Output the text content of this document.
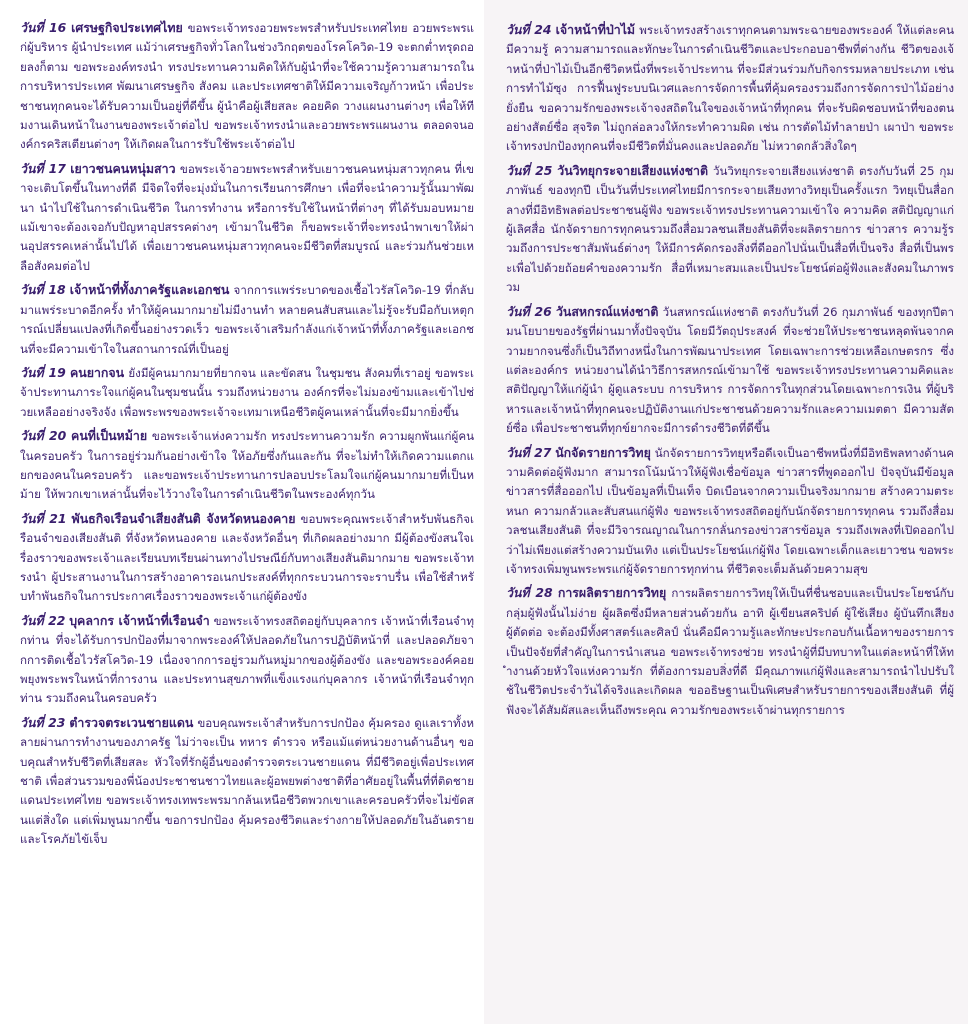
วันที่ 16 เศรษฐกิจประเทศไทย ขอพระเจ้าทรงอวยพระพรสำหรับประเทศไทย อวยพระพรแก่ผู้บริหาร ผู้นำประเทศ แม้ว่าเศรษฐกิจทั่วโลกในช่วงวิกฤตของโรคโควิด-19 จะตกต่ำทรุดถอยลงก็ตาม ขอพระองค์ทรงนำ ทรงประทานความคิดให้กับผู้นำที่จะใช้ความรู้ความสามารถในการบริหารประเทศ พัฒนาเศรษฐกิจ สังคม และประเทศชาติให้มีความเจริญก้าวหน้า เพื่อประชาชนทุกคนจะได้รับความเป็นอยู่ที่ดีขึ้น ผู้นำคือผู้เสียสละ คอยคิด วางแผนงานต่างๆ เพื่อให้ทีมงานเดินหน้าในงานของพระเจ้าต่อไป ขอพระเจ้าทรงนำและอวยพระพรแผนงาน ตลอดจนองค์กรคริสเตียนต่างๆ ให้เกิดผลในการรับใช้พระเจ้าต่อไป

วันที่ 17 เยาวชนคนหนุ่มสาว ขอพระเจ้าอวยพระพรสำหรับเยาวชนคนหนุ่มสาวทุกคน ที่เขาจะเติบโตขึ้นในทางที่ดี มีจิตใจที่จะมุ่งมั่นในการเรียนการศึกษา เพื่อที่จะนำความรู้นั้นมาพัฒนา นำไปใช้ในการดำเนินชีวิต ในการทำงาน หรือการรับใช้ในหน้าที่ต่างๆ ที่ได้รับมอบหมาย แม้เขาจะต้องเจอกับปัญหาอุปสรรคต่างๆ เข้ามาในชีวิต ก็ขอพระเจ้าที่จะทรงนำพาเขาให้ผ่านอุปสรรคเหล่านั้นไปได้ เพื่อเยาวชนคนหนุ่มสาวทุกคนจะมีชีวิตที่สมบูรณ์ และร่วมกันช่วยเหลือสังคมต่อไป

วันที่ 18 เจ้าหน้าที่ทั้งภาครัฐและเอกชน จากการแพร่ระบาดของเชื้อไวรัสโควิด-19 ที่กลับมาแพร่ระบาดอีกครั้ง ทำให้ผู้คนมากมายไม่มีงานทำ หลายคนสับสนและไม่รู้จะรับมือกับเหตุการณ์เปลี่ยนแปลงที่เกิดขึ้นอย่างรวดเร็ว ขอพระเจ้าเสริมกำลังแก่เจ้าหน้าที่ทั้งภาครัฐและเอกชนที่จะมีความเข้าใจในสถานการณ์ที่เป็นอยู่

วันที่ 19 คนยากจน ยังมีผู้คนมากมายที่ยากจน และขัดสน ในชุมชน สังคมที่เราอยู่ ขอพระเจ้าประทานภาระใจแก่ผู้คนในชุมชนนั้น รวมถึงหน่วยงาน องค์กรที่จะไม่มองข้ามและเข้าไปช่วยเหลืออย่างจริงจัง เพื่อพระพรของพระเจ้าจะเทมาเหนือชีวิตผู้คนเหล่านั้นที่จะมีมากยิ่งขึ้น

วันที่ 20 คนที่เป็นหม้าย ขอพระเจ้าแห่งความรัก ทรงประทานความรัก ความผูกพันแก่ผู้คนในครอบครัว ในการอยู่ร่วมกันอย่างเข้าใจ ให้อภัยซึ่งกันและกัน ที่จะไม่ทำให้เกิดความแตกแยกของคนในครอบครัว และขอพระเจ้าประทานการปลอบประโลมใจแก่ผู้คนมากมายที่เป็นหม้าย ให้พวกเขาเหล่านั้นที่จะไว้วางใจในการดำเนินชีวิตในพระองค์ทุกวัน

วันที่ 21 พันธกิจเรือนจำเสียงสันติ จังหวัดหนองคาย ขอบพระคุณพระเจ้าสำหรับพันธกิจเรือนจำของเสียงสันติ ที่จังหวัดหนองคาย และจังหวัดอื่นๆ ที่เกิดผลอย่างมาก มีผู้ต้องขังสนใจเรื่องราวของพระเจ้าและเรียนบทเรียนผ่านทางไปรษณีย์กับทางเสียงสันติมากมาย ขอพระเจ้าทรงนำ ผู้ประสานงานในการสร้างอาคารอเนกประสงค์ที่ทุกกระบวนการจะราบรื่น เพื่อใช้สำหรับทำพันธกิจในการประกาศเรื่องราวของพระเจ้าแก่ผู้ต้องขัง

วันที่ 22 บุคลากร เจ้าหน้าที่เรือนจำ ขอพระเจ้าทรงสถิตอยู่กับบุคลากร เจ้าหน้าที่เรือนจำทุกท่าน ที่จะได้รับการปกป้องที่มาจากพระองค์ให้ปลอดภัยในการปฏิบัติหน้าที่ และปลอดภัยจากการติดเชื้อไวรัสโควิด-19 เนื่องจากการอยู่รวมกันหมู่มากของผู้ต้องขัง และขอพระองค์คอยพยุงพระพรในหน้าที่การงาน และประทานสุขภาพที่แข็งแรงแก่บุคลากร เจ้าหน้าที่เรือนจำทุกท่าน รวมถึงคนในครอบครัว

วันที่ 23 ตำรวจตระเวนชายแดน ขอบคุณพระเจ้าสำหรับการปกป้อง คุ้มครอง ดูแลเราทั้งหลายผ่านการทำงานของภาครัฐ ไม่ว่าจะเป็น ทหาร ตำรวจ หรือแม้แต่หน่วยงานด้านอื่นๆ ขอบคุณสำหรับชีวิตที่เสียสละ หัวใจที่รักผู้อื่นของตำรวจตระเวนชายแดน ที่มีชีวิตอยู่เพื่อประเทศชาติ เพื่อส่วนรวมของพี่น้องประชาชนชาวไทยและผู้อพยพต่างชาติที่อาศัยอยู่ในพื้นที่ที่ติดชายแดนประเทศไทย ขอพระเจ้าทรงเทพระพรมากล้นเหนือชีวิตพวกเขาและครอบครัวที่จะไม่ขัดสนแต่สิ่งใด แต่เพิ่มพูนมากขึ้น ขอการปกป้อง คุ้มครองชีวิตและร่างกายให้ปลอดภัยในอันตรายและโรคภัยไข้เจ็บ

วันที่ 24 เจ้าหน้าที่ป่าไม้ พระเจ้าทรงสร้างเราทุกคนตามพระฉายของพระองค์ ให้แต่ละคนมีความรู้ ความสามารถและทักษะในการดำเนินชีวิตและประกอบอาชีพที่ต่างกัน ชีวิตของเจ้าหน้าที่ป่าไม้เป็นอีกชีวิตหนึ่งที่พระเจ้าประทาน ที่จะมีส่วนร่วมกับกิจกรรมหลายประเภท เช่น การทำไม้ซุง การฟื้นฟูระบบนิเวศและการจัดการพื้นที่คุ้มครองรวมถึงการจัดการป่าไม้อย่างยั่งยืน ขอความรักของพระเจ้าจงสถิตในใจของเจ้าหน้าที่ทุกคน ที่จะรับผิดชอบหน้าที่ของตนอย่างสัตย์ซื่อ สุจริต ไม่ถูกล่อลวงให้กระทำความผิด เช่น การตัดไม้ทำลายป่า เผาป่า ขอพระเจ้าทรงปกป้องทุกคนที่จะมีชีวิตที่มั่นคงและปลอดภัย ไม่หวาดกลัวสิ่งใดๆ

วันที่ 25 วันวิทยุกระจายเสียงแห่งชาติ วันวิทยุกระจายเสียงแห่งชาติ ตรงกับวันที่ 25 กุมภาพันธ์ ของทุกปี เป็นวันที่ประเทศไทยมีการกระจายเสียงทางวิทยุเป็นครั้งแรก วิทยุเป็นสื่อกลางที่มีอิทธิพลต่อประชาชนผู้ฟัง ขอพระเจ้าทรงประทานความเข้าใจ ความคิด สติปัญญาแก่ผู้เลิศสื่อ นักจัดรายการทุกคนรวมถึงสื่อมวลชนเสียงสันติที่จะผลิตรายการ ข่าวสาร ความรู้รวมถึงการประชาสัมพันธ์ต่างๆ ให้มีการคัดกรองสิ่งที่ดีออกไปนั่นเป็นสื่อที่เป็นจริง สื่อที่เป็นพระเพื่อไปด้วยถ้อยคำของความรัก สื่อที่เหมาะสมและเป็นประโยชน์ต่อผู้ฟังและสังคมในภาพรวม

วันที่ 26 วันสหกรณ์แห่งชาติ วันสหกรณ์แห่งชาติ ตรงกับวันที่ 26 กุมภาพันธ์ ของทุกปีตามนโยบายของรัฐที่ผ่านมาทั้งปัจจุบัน โดยมีวัตถุประสงค์ ที่จะช่วยให้ประชาชนหลุดพ้นจากความยากจนซึ่งก็เป็นวิถีทางหนึ่งในการพัฒนาประเทศ โดยเฉพาะการช่วยเหลือเกษตรกร ซึ่งแต่ละองค์กร หน่วยงานได้นำวิธีการสหกรณ์เข้ามาใช้ ขอพระเจ้าทรงประทานความคิดและสติปัญญาให้แก่ผู้นำ ผู้ดูแลระบบ การบริหาร การจัดการในทุกส่วนโดยเฉพาะการเงิน ที่ผู้บริหารและเจ้าหน้าที่ทุกคนจะปฏิบัติงานแก่ประชาชนด้วยความรักและความเมตตา มีความสัตย์ซื่อ เพื่อประชาชนที่ทุกข์ยากจะมีการดำรงชีวิตที่ดีขึ้น

วันที่ 27 นักจัดรายการวิทยุ นักจัดรายการวิทยุหรือดีเจเป็นอาชีพหนึ่งที่มีอิทธิพลทางด้านความคิดต่อผู้ฟังมาก สามารถโน้มน้าวให้ผู้ฟังเชื่อข้อมูล ข่าวสารที่พูดออกไป ปัจจุบันมีข้อมูลข่าวสารที่สื่อออกไป เป็นข้อมูลที่เป็นเท็จ บิดเบือนจากความเป็นจริงมากมาย สร้างความตระหนก ความกลัวและสับสนแก่ผู้ฟัง ขอพระเจ้าทรงสถิตอยู่กับนักจัดรายการทุกคน รวมถึงสื่อมวลชนเสียงสันติ ที่จะมีวิจารณญาณในการกลั่นกรองข่าวสารข้อมูล รวมถึงเพลงที่เปิดออกไปว่าไม่เพียงแต่สร้างความบันเทิง แต่เป็นประโยชน์แก่ผู้ฟัง โดยเฉพาะเด็กและเยาวชน ขอพระเจ้าทรงเพิ่มพูนพระพรแก่ผู้จัดรายการทุกท่าน ที่ชีวิตจะเต็มล้นด้วยความสุข

วันที่ 28 การผลิตรายการวิทยุ การผลิตรายการวิทยุให้เป็นที่ชื่นชอบและเป็นประโยชน์กับกลุ่มผู้ฟังนั้นไม่ง่าย ผู้ผลิตซึ่งมีหลายส่วนด้วยกัน อาทิ ผู้เขียนสคริปต์ ผู้ใช้เสียง ผู้บันทึกเสียง ผู้ตัดต่อ จะต้องมีทั้งศาสตร์และศิลป์ นั่นคือมีความรู้และทักษะประกอบกันเนื้อหาของรายการ เป็นปัจจัยที่สำคัญในการนำเสนอ ขอพระเจ้าทรงช่วย ทรงนำผู้ที่มีบทบาทในแต่ละหน้าที่ให้ทำงานด้วยหัวใจแห่งความรัก ที่ต้องการมอบสิ่งที่ดี มีคุณภาพแก่ผู้ฟังและสามารถนำไปปรับใช้ในชีวิตประจำวันได้จริงและเกิดผล ขออธิษฐานเป็นพิเศษสำหรับรายการของเสียงสันติ ที่ผู้ฟังจะได้สัมผัสและเห็นถึงพระคุณ ความรักของพระเจ้าผ่านทุกรายการ
